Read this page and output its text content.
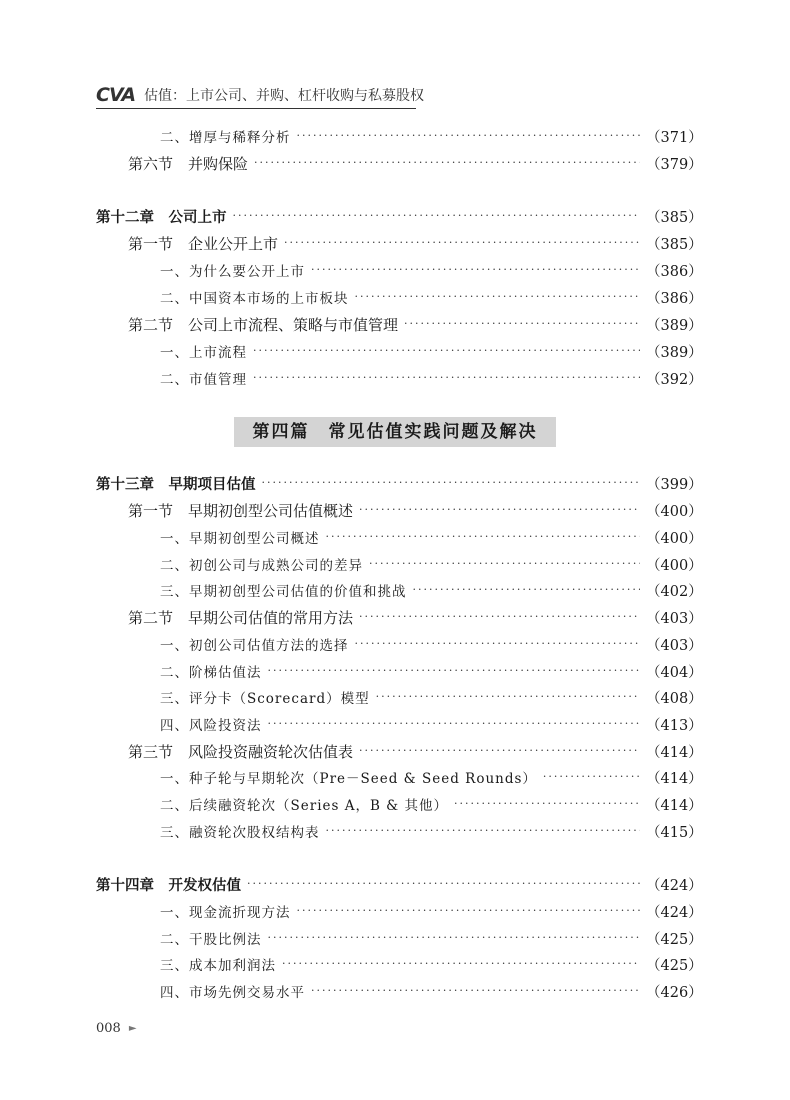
CVA 估值：上市公司、并购、杠杆收购与私募股权
二、增厚与稀释分析 ·····	（371）
第六节　并购保险 ·····	（379）
第十二章　公司上市 ·····	（385）
第一节　企业公开上市 ·····	（385）
一、为什么要公开上市 ·····	（386）
二、中国资本市场的上市板块 ·····	（386）
第二节　公司上市流程、策略与市值管理 ·····	（389）
一、上市流程 ·····	（389）
二、市值管理 ·····	（392）
第四篇　常见估值实践问题及解决
第十三章　早期项目估值 ·····	（399）
第一节　早期初创型公司估值概述 ·····	（400）
一、早期初创型公司概述 ·····	（400）
二、初创公司与成熟公司的差异 ·····	（400）
三、早期初创型公司估值的价值和挑战 ·····	（402）
第二节　早期公司估值的常用方法 ·····	（403）
一、初创公司估值方法的选择 ·····	（403）
二、阶梯估值法 ·····	（404）
三、评分卡（Scorecard）模型 ·····	（408）
四、风险投资法 ·····	（413）
第三节　风险投资融资轮次估值表 ·····	（414）
一、种子轮与早期轮次（Pre－Seed & Seed Rounds） ·····	（414）
二、后续融资轮次（Series A，B & 其他） ·····	（414）
三、融资轮次股权结构表 ·····	（415）
第十四章　开发权估值 ·····	（424）
一、现金流折现方法 ·····	（424）
二、干股比例法 ·····	（425）
三、成本加利润法 ·····	（425）
四、市场先例交易水平 ·····	（426）
008 ►
